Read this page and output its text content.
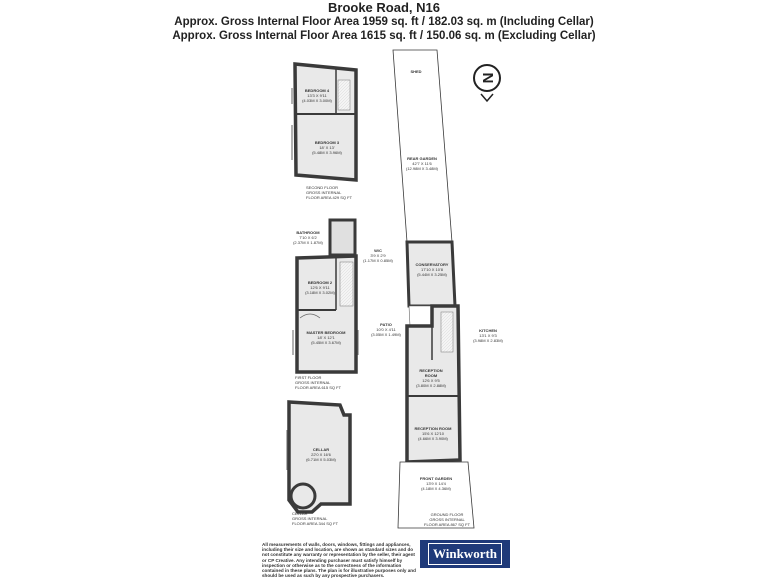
Brooke Road, N16
Approx. Gross Internal Floor Area 1959 sq. ft / 182.03 sq. m (Including Cellar)
Approx. Gross Internal Floor Area 1615 sq. ft / 150.06 sq. m (Excluding Cellar)
N
BEDROOM 4
13'3 X 9'11
(4.03M X 3.00M)
BEDROOM 3
18' X 13'
(5.48M X 3.96M)
SECOND FLOOR
GROSS INTERNAL
FLOOR AREA 429 SQ FT
BATHROOM
7'10 X 6'2
(2.37M X 1.87M)
W/C
3'9 X 2'9
(1.17M X 0.85M)
BEDROOM 2
12'6 X 9'11
(3.18M X 3.02M)
MASTER BEDROOM
18' X 12'1
(5.45M X 3.67M)
FIRST FLOOR
GROSS INTERNAL
FLOOR AREA 615 SQ FT
CELLAR
22'0 X 16'6
(6.71M X 5.03M)
CELLAR
GROSS INTERNAL
FLOOR AREA 344 SQ FT
SHED
REAR GARDEN
42'7 X 11'6
(12.98M X 3.48M)
CONSERVATORY
17'10 X 10'8
(5.44M X 3.25M)
PATIO
10'0 X 4'11
(3.05M X 1.49M)
KITCHEN
13'1 X 9'3
(3.98M X 2.83M)
RECEPTION
ROOM
12'6 X 9'5
(3.80M X 2.88M)
RECEPTION ROOM
15'6 X 12'10
(4.66M X 3.90M)
FRONT GARDEN
13'9 X 14'4
(4.18M X 4.36M)
GROUND FLOOR
GROSS INTERNAL
FLOOR AREA 867 SQ FT
All measurements of walls, doors, windows, fittings and appliances, including their size and location, are shown as standard sizes and do not constitute any warranty or representation by the seller, their agent or CP Creative. Any intending purchaser must satisfy himself by inspection or otherwise as to the correctness of the information contained in these plans. The plan is for illustrative purposes only and should be used as such by any prospective purchasers.
Winkworth
